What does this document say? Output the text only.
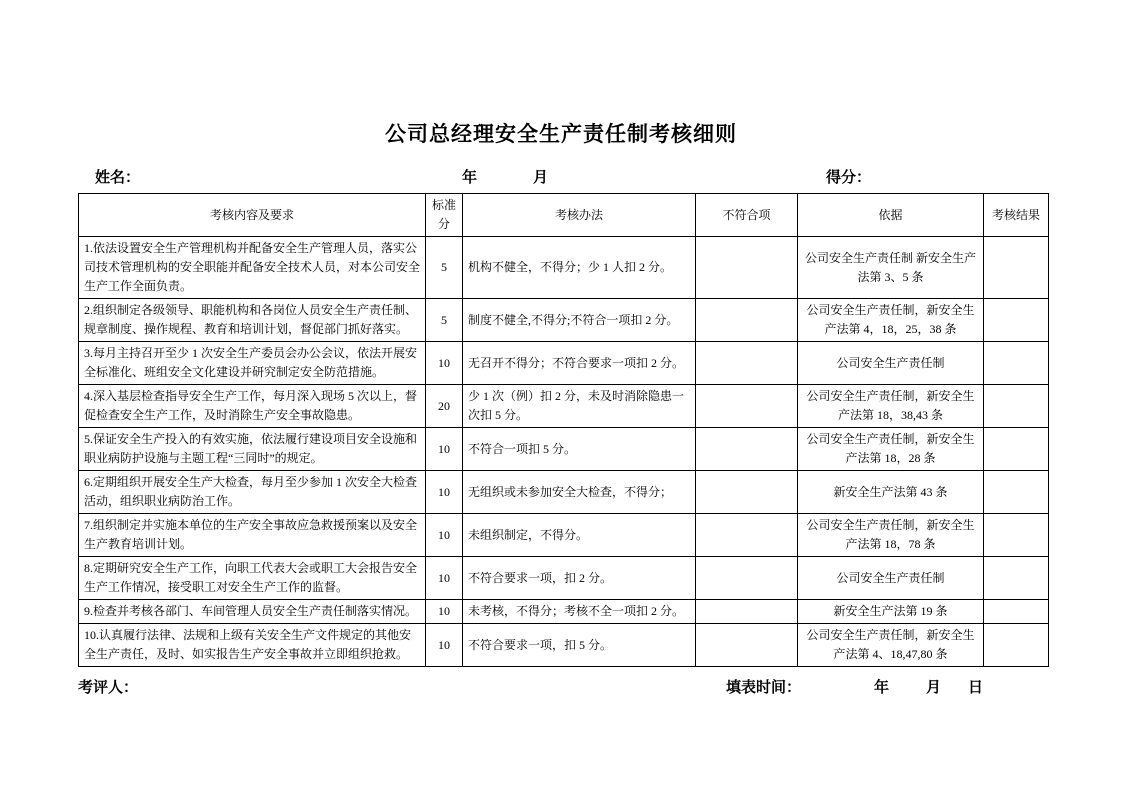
公司总经理安全生产责任制考核细则
姓名：	年	月	得分：
考核内容及要求	标准分	考核办法	不符合项	依据	考核结果
1.依法设置安全生产管理机构并配备安全生产管理人员，落实公司技术管理机构的安全职能并配备安全技术人员，对本公司安全生产工作全面负责。	5	机构不健全，不得分；少 1 人扣 2 分。		公司安全生产责任制 新安全生产法第 3、5 条	
2.组织制定各级领导、职能机构和各岗位人员安全生产责任制、规章制度、操作规程、教育和培训计划，督促部门抓好落实。	5	制度不健全,不得分;不符合一项扣 2 分。		公司安全生产责任制，新安全生产法第 4，18，25，38 条	
3.每月主持召开至少 1 次安全生产委员会办公会议，依法开展安全标准化、班组安全文化建设并研究制定安全防范措施。	10	无召开不得分；不符合要求一项扣 2 分。		公司安全生产责任制	
4.深入基层检查指导安全生产工作，每月深入现场 5 次以上，督促检查安全生产工作，及时消除生产安全事故隐患。	20	少 1 次（例）扣 2 分，未及时消除隐患一次扣 5 分。		公司安全生产责任制，新安全生产法第 18，38,43 条	
5.保证安全生产投入的有效实施，依法履行建设项目安全设施和职业病防护设施与主题工程“三同时”的规定。	10	不符合一项扣 5 分。		公司安全生产责任制，新安全生产法第 18，28 条	
6.定期组织开展安全生产大检查，每月至少参加 1 次安全大检查活动，组织职业病防治工作。	10	无组织或未参加安全大检查，不得分；		新安全生产法第 43 条	
7.组织制定并实施本单位的生产安全事故应急救援预案以及安全生产教育培训计划。	10	未组织制定，不得分。		公司安全生产责任制，新安全生产法第 18，78 条	
8.定期研究安全生产工作，向职工代表大会或职工大会报告安全生产工作情况，接受职工对安全生产工作的监督。	10	不符合要求一项，扣 2 分。		公司安全生产责任制	
9.检查并考核各部门、车间管理人员安全生产责任制落实情况。	10	未考核，不得分；考核不全一项扣 2 分。		新安全生产法第 19 条	
10.认真履行法律、法规和上级有关安全生产文件规定的其他安全生产责任，及时、如实报告生产安全事故并立即组织抢救。	10	不符合要求一项，扣 5 分。		公司安全生产责任制，新安全生产法第 4、18,47,80 条	
考评人：	填表时间：	年 月 日
